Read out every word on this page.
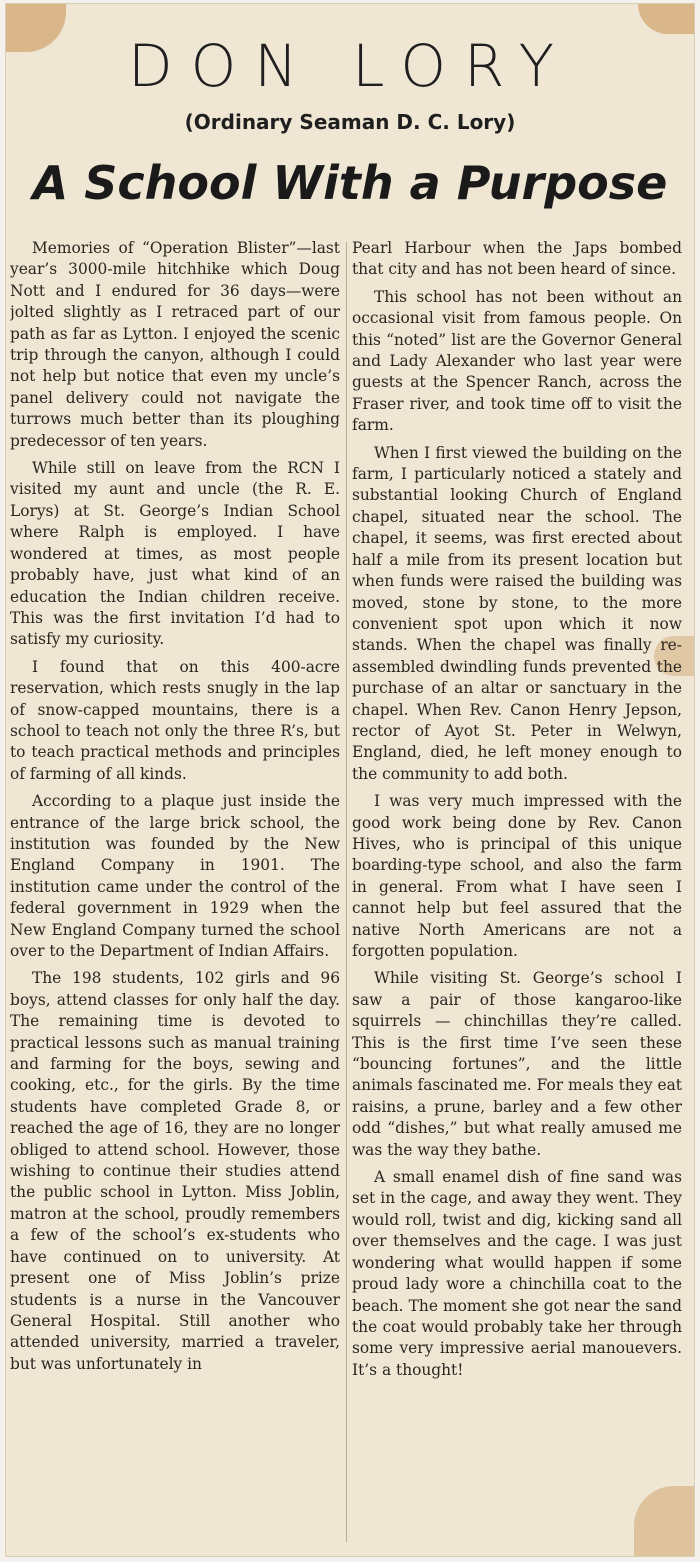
DON LORY
(Ordinary Seaman D. C. Lory)
A School With a Purpose

Memories of “Operation Blister”—last year’s 3000-mile hitchhike which Doug Nott and I endured for 36 days—were jolted slightly as I retraced part of our path as far as Lytton. I enjoyed the scenic trip through the canyon, although I could not help but notice that even my uncle’s panel delivery could not navigate the turrows much better than its ploughing predecessor of ten years.

While still on leave from the RCN I visited my aunt and uncle (the R. E. Lorys) at St. George’s Indian School where Ralph is employed. I have wondered at times, as most people probably have, just what kind of an education the Indian children receive. This was the first invitation I’d had to satisfy my curiosity.

I found that on this 400-acre reservation, which rests snugly in the lap of snow-capped mountains, there is a school to teach not only the three R’s, but to teach practical methods and principles of farming of all kinds.

According to a plaque just inside the entrance of the large brick school, the institution was founded by the New England Company in 1901. The institution came under the control of the federal government in 1929 when the New England Company turned the school over to the Department of Indian Affairs.

The 198 students, 102 girls and 96 boys, attend classes for only half the day. The remaining time is devoted to practical lessons such as manual training and farming for the boys, sewing and cooking, etc., for the girls. By the time students have completed Grade 8, or reached the age of 16, they are no longer obliged to attend school. However, those wishing to continue their studies attend the public school in Lytton. Miss Joblin, matron at the school, proudly remembers a few of the school’s ex-students who have continued on to university. At present one of Miss Joblin’s prize students is a nurse in the Vancouver General Hospital. Still another who attended university, married a traveler, but was unfortunately in

Pearl Harbour when the Japs bombed that city and has not been heard of since.

This school has not been without an occasional visit from famous people. On this “noted” list are the Governor General and Lady Alexander who last year were guests at the Spencer Ranch, across the Fraser river, and took time off to visit the farm.

When I first viewed the building on the farm, I particularly noticed a stately and substantial looking Church of England chapel, situated near the school. The chapel, it seems, was first erected about half a mile from its present location but when funds were raised the building was moved, stone by stone, to the more convenient spot upon which it now stands. When the chapel was finally re-assembled dwindling funds prevented the purchase of an altar or sanctuary in the chapel. When Rev. Canon Henry Jepson, rector of Ayot St. Peter in Welwyn, England, died, he left money enough to the community to add both.

I was very much impressed with the good work being done by Rev. Canon Hives, who is principal of this unique boarding-type school, and also the farm in general. From what I have seen I cannot help but feel assured that the native North Americans are not a forgotten population.

While visiting St. George’s school I saw a pair of those kangaroo-like squirrels — chinchillas they’re called. This is the first time I’ve seen these “bouncing fortunes”, and the little animals fascinated me. For meals they eat raisins, a prune, barley and a few other odd “dishes,” but what really amused me was the way they bathe.

A small enamel dish of fine sand was set in the cage, and away they went. They would roll, twist and dig, kicking sand all over themselves and the cage. I was just wondering what woulld happen if some proud lady wore a chinchilla coat to the beach. The moment she got near the sand the coat would probably take her through some very impressive aerial manouevers. It’s a thought!
